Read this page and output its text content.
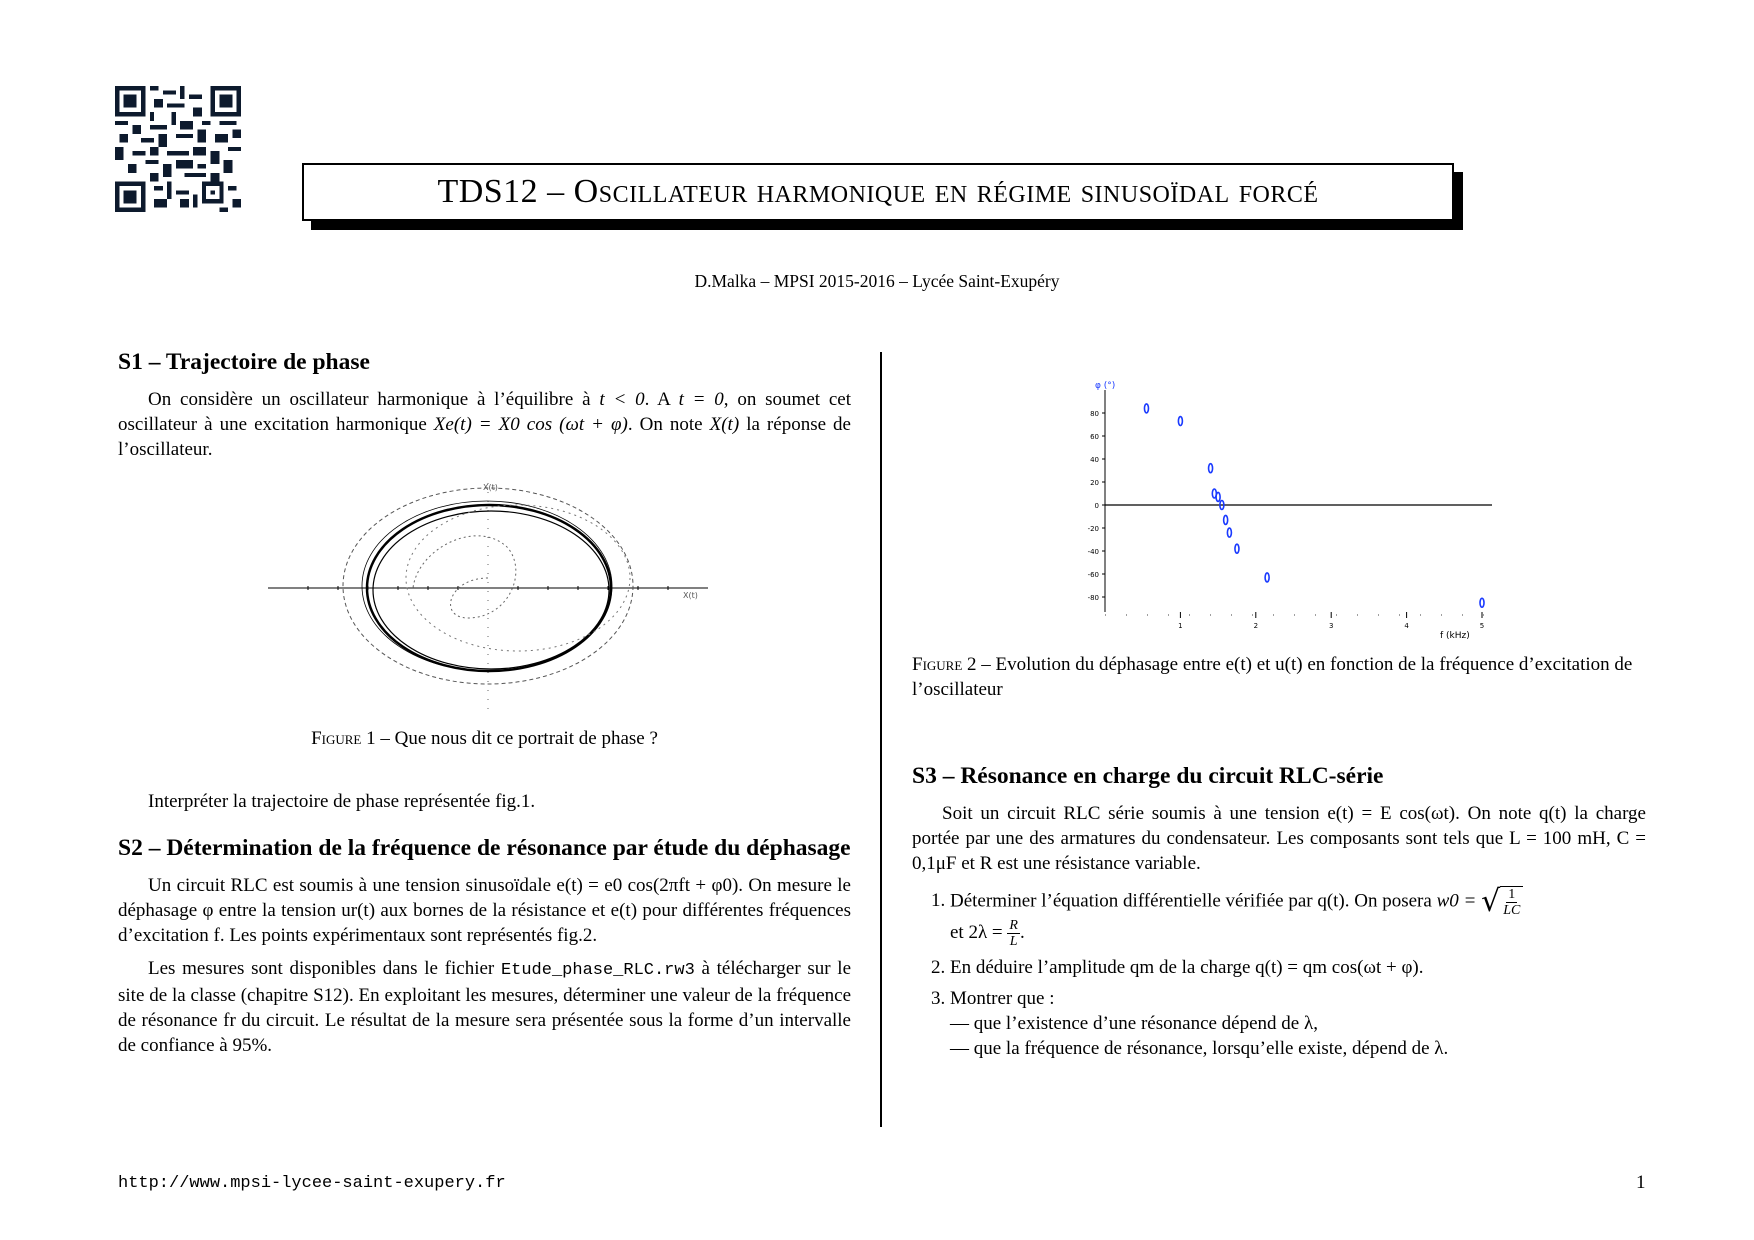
TDS12 – Oscillateur harmonique en régime sinusoïdal forcé
D.Malka – MPSI 2015-2016 – Lycée Saint-Exupéry
S1 – Trajectoire de phase

On considère un oscillateur harmonique à l’équilibre à t < 0. A t = 0, on soumet cet oscillateur à une excitation harmonique Xe(t) = X0 cos (ωt + φ). On note X(t) la réponse de l’oscillateur.

X(t)
X(t)

Figure 1 – Que nous dit ce portrait de phase ?

Interpréter la trajectoire de phase représentée fig.1.

S2 – Détermination de la fréquence de résonance par étude du déphasage

Un circuit RLC est soumis à une tension sinusoïdale e(t) = e0 cos(2πft + φ0). On mesure le déphasage φ entre la tension ur(t) aux bornes de la résistance et e(t) pour différentes fréquences d’excitation f. Les points expérimentaux sont représentés fig.2.

Les mesures sont disponibles dans le fichier Etude_phase_RLC.rw3 à télécharger sur le site de la classe (chapitre S12). En exploitant les mesures, déterminer une valeur de la fréquence de résonance fr du circuit. Le résultat de la mesure sera présentée sous la forme d’un intervalle de confiance à 95%.

80
60
40
20
0
-20
-40
-60
-80
1	2	3	4	5
φ (°)
f (kHz)

Figure 2 – Evolution du déphasage entre e(t) et u(t) en fonction de la fréquence d’excitation de l’oscillateur

S3 – Résonance en charge du circuit RLC-série

Soit un circuit RLC série soumis à une tension e(t) = E cos(ωt). On note q(t) la charge portée par une des armatures du condensateur. Les composants sont tels que L = 100 mH, C = 0,1μF et R est une résistance variable.

1. Déterminer l’équation différentielle vérifiée par q(t). On posera w0 = √ $\frac{1}{LC}$

et $2\lambda = \frac{R}{L}$ .
2. En déduire l’amplitude qm de la charge q(t) = qm cos(ωt + φ).
3. Montrer que :
— que l’existence d’une résonance dépend de λ,
— que la fréquence de résonance, lorsqu’elle existe, dépend de λ.
http://www.mpsi-lycee-saint-exupery.fr	1
